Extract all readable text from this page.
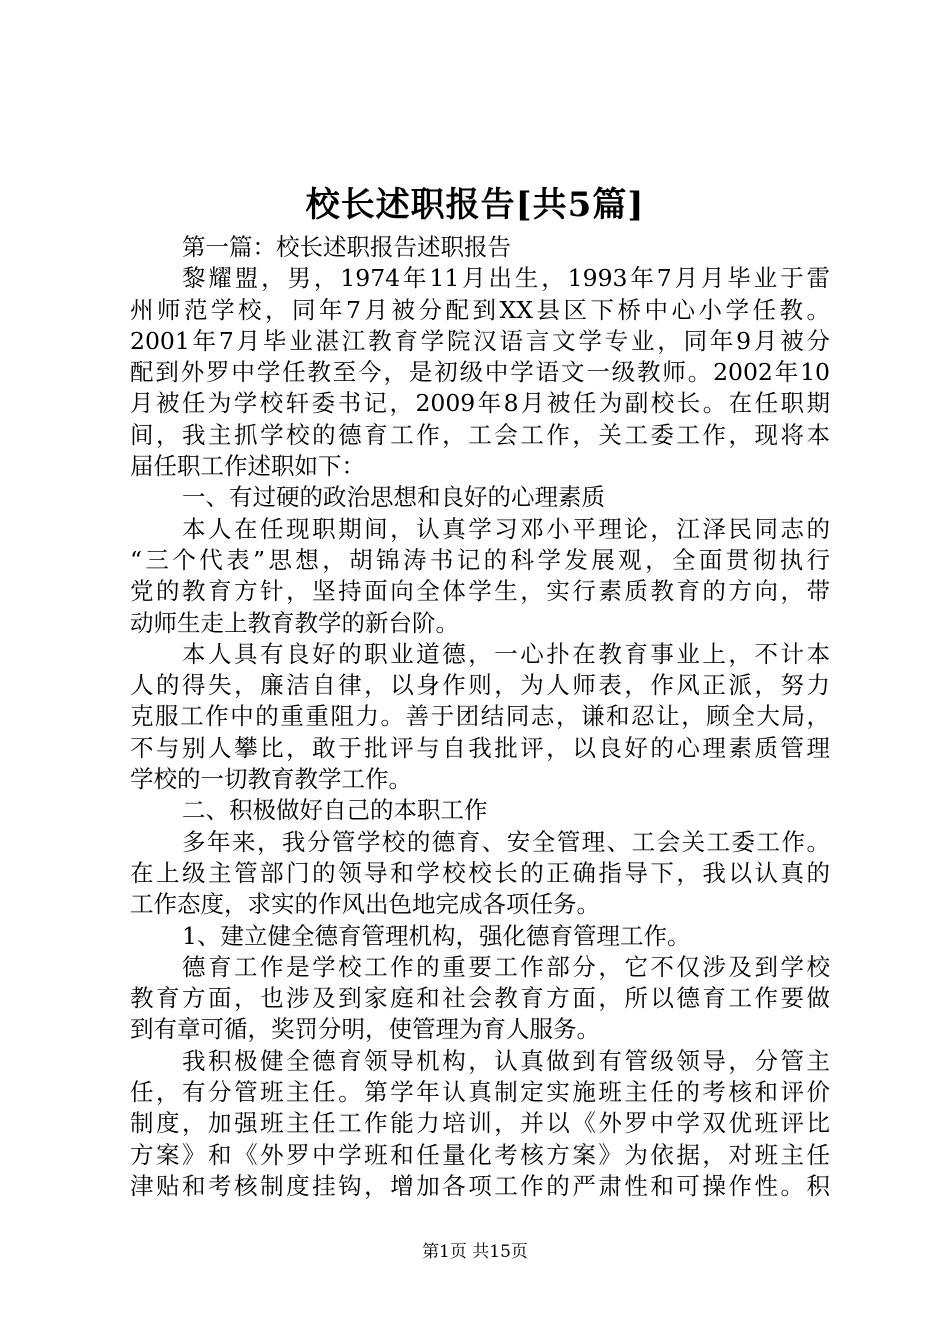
校长述职报告[共5篇]
第一篇：校长述职报告述职报告
黎耀盟，男，1974年11月出生，1993年7月月毕业于雷
州师范学校，同年7月被分配到XX县区下桥中心小学任教。
2001年7月毕业湛江教育学院汉语言文学专业，同年9月被分
配到外罗中学任教至今，是初级中学语文一级教师。2002年10
月被任为学校轩委书记，2009年8月被任为副校长。在任职期
间，我主抓学校的德育工作，工会工作，关工委工作，现将本
届任职工作述职如下：
一、有过硬的政治思想和良好的心理素质
本人在任现职期间，认真学习邓小平理论，江泽民同志的
“三个代表”思想，胡锦涛书记的科学发展观，全面贯彻执行
党的教育方针，坚持面向全体学生，实行素质教育的方向，带
动师生走上教育教学的新台阶。
本人具有良好的职业道德，一心扑在教育事业上，不计本
人的得失，廉洁自律，以身作则，为人师表，作风正派，努力
克服工作中的重重阻力。善于团结同志，谦和忍让，顾全大局，
不与别人攀比，敢于批评与自我批评，以良好的心理素质管理
学校的一切教育教学工作。
二、积极做好自己的本职工作
多年来，我分管学校的德育、安全管理、工会关工委工作。
在上级主管部门的领导和学校校长的正确指导下，我以认真的
工作态度，求实的作风出色地完成各项任务。
1、建立健全德育管理机构，强化德育管理工作。
德育工作是学校工作的重要工作部分，它不仅涉及到学校
教育方面，也涉及到家庭和社会教育方面，所以德育工作要做
到有章可循，奖罚分明，使管理为育人服务。
我积极健全德育领导机构，认真做到有管级领导，分管主
任，有分管班主任。第学年认真制定实施班主任的考核和评价
制度，加强班主任工作能力培训，并以《外罗中学双优班评比
方案》和《外罗中学班和任量化考核方案》为依据，对班主任
津贴和考核制度挂钩，增加各项工作的严肃性和可操作性。积
第1页 共15页
